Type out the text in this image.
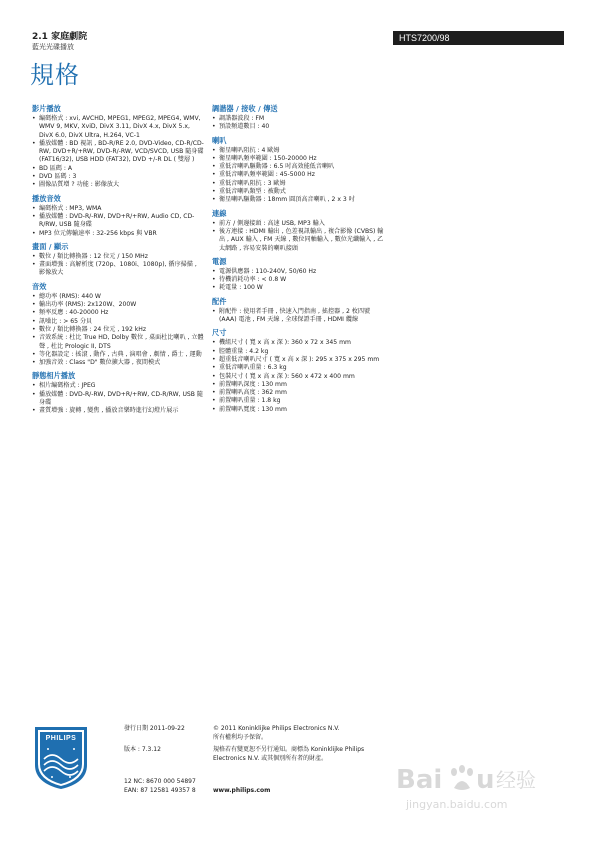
2.1 家庭劇院
藍光光碟播放
HTS7200/98
規格
影片播放
• 編碼格式 : xvi, AVCHD, MPEG1, MPEG2, MPEG4, WMV, WMV 9, MKV, XviD, DivX 3.11, DivX 4.x, DivX 5.x, DivX 6.0, DivX Ultra, H.264, VC-1
• 播放媒體 : BD 視訊 , BD-R/RE 2.0, DVD-Video, CD-R/CD-RW, DVD+R/+RW, DVD-R/-RW, VCD/SVCD, USB 隨身碟 (FAT16/32), USB HDD (FAT32), DVD +/-R DL ( 雙層 )
• BD 區碼 : A
• DVD 區碼 : 3
• 圖像品質增 ? 功能 : 影像放大
播放音效
• 編碼格式 : MP3, WMA
• 播放媒體 : DVD-R/-RW, DVD+R/+RW, Audio CD, CD-R/RW, USB 隨身碟
• MP3 位元傳輸速率 : 32-256 kbps 與 VBR
畫面 / 顯示
• 數位 / 類比轉換器 : 12 位元 / 150 MHz
• 畫面增強 : 高解析度 (720p、1080i、1080p), 循序掃描 , 影像放大
音效
• 總功率 (RMS): 440 W
• 輸出功率 (RMS): 2x120W、200W
• 頻率反應 : 40-20000 Hz
• 訊噪比 : > 65 分貝
• 數位 / 類比轉換器 : 24 位元 , 192 kHz
• 音效系統 : 杜比 True HD, Dolby 數位 , 桌面杜比喇叭 , 立體聲 , 杜比 Prologic II, DTS
• 等化器設定 : 搖滾 , 動作 , 古典 , 演唱會 , 劇情 , 爵士 , 運動
• 加強音效 : Class "D" 數位擴大器 , 夜間模式
靜態相片播放
• 相片編碼格式 : JPEG
• 播放媒體 : DVD-R/-RW, DVD+R/+RW, CD-R/RW, USB 隨身碟
• 畫質增強 : 旋轉 , 變焦 , 播放音樂時進行幻燈片展示
調諧器 / 接收 / 傳送
• 調諧器波段 : FM
• 預設頻道數目 : 40
喇叭
• 衛星喇叭阻抗 : 4 歐姆
• 衛星喇叭頻率範圍 : 150-20000 Hz
• 重低音喇叭驅動器 : 6.5 吋高效能低音喇叭
• 重低音喇叭頻率範圍 : 45-5000 Hz
• 重低音喇叭阻抗 : 3 歐姆
• 重低音喇叭類型 : 被動式
• 衛星喇叭驅動器 : 18mm 圓頂高音喇叭 , 2 x 3 吋
連線
• 前方 / 側邊接頭 : 高速 USB, MP3 輸入
• 後方連接 : HDMI 輸出 , 色差視訊輸出 , 複合影像 (CVBS) 輸出 , AUX 輸入 , FM 天線 , 數位同軸輸入 , 數位光纖輸入 , 乙太網路 , 容易安裝的喇叭接頭
電源
• 電源供應器 : 110-240V, 50/60 Hz
• 待機消耗功率 : < 0.8 W
• 耗電量 : 100 W
配件
• 附配件 : 使用者手冊 , 快速入門指南 , 搖控器 , 2 枚四號 (AAA) 電池 , FM 天線 , 全球保證手冊 , HDMI 纜線
尺寸
• 機組尺寸 ( 寬 x 高 x 深 ): 360 x 72 x 345 mm
• 腔體重量 : 4.2 kg
• 超重低音喇叭尺寸 ( 寬 x 高 x 深 ): 295 x 375 x 295 mm
• 重低音喇叭重量 : 6.3 kg
• 包裝尺寸 ( 寬 x 高 x 深 ): 560 x 472 x 400 mm
• 前置喇叭深度 : 130 mm
• 前置喇叭高度 : 362 mm
• 前置喇叭重量 : 1.8 kg
• 前置喇叭寬度 : 130 mm
PHILIPS
發行日期 2011-09-22
版本 : 7.3.12
12 NC: 8670 000 54897
EAN: 87 12581 49357 8
© 2011 Koninklijke Philips Electronics N.V.
所有權利均予保留。
規格若有變更恕不另行通知。商標為 Koninklijke Philips Electronics N.V. 或其個別所有者的財產。
www.philips.com	Bai u 经验
jingyan.baidu.com
